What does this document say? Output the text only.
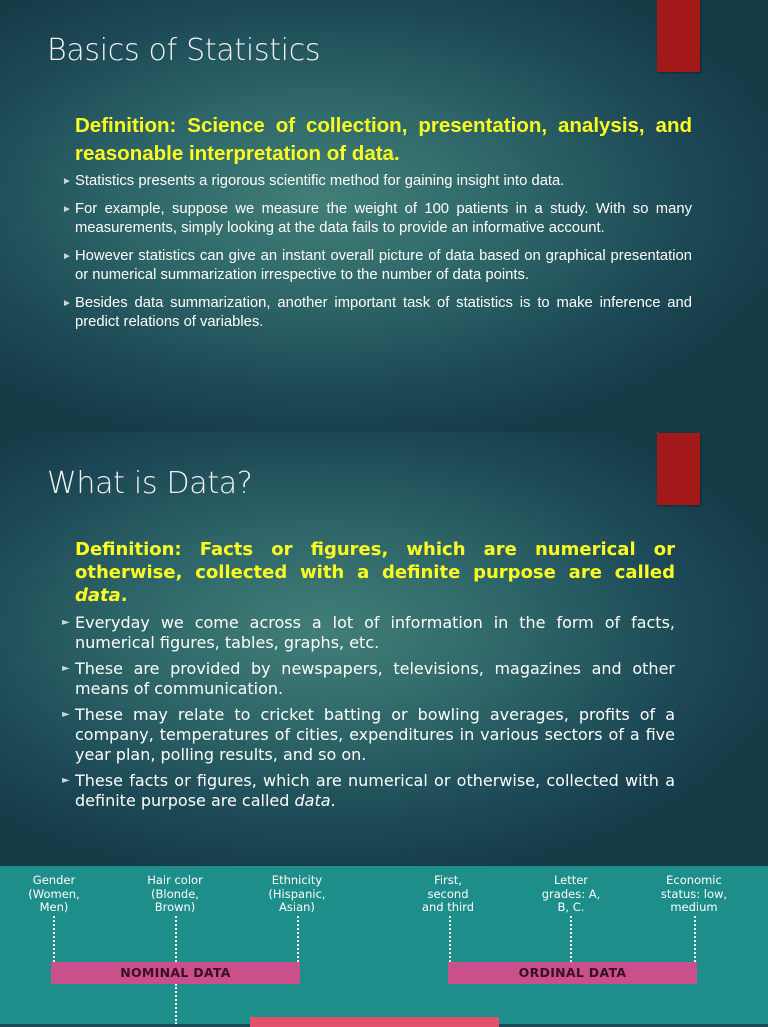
Basics of Statistics

Definition: Science of collection, presentation, analysis, and reasonable interpretation of data.

► Statistics presents a rigorous scientific method for gaining insight into data.
► For example, suppose we measure the weight of 100 patients in a study. With so many measurements, simply looking at the data fails to provide an informative account.
► However statistics can give an instant overall picture of data based on graphical presentation or numerical summarization irrespective to the number of data points.
► Besides data summarization, another important task of statistics is to make inference and predict relations of variables.
What is Data?

Definition: Facts or figures, which are numerical or otherwise, collected with a definite purpose are called data.

► Everyday we come across a lot of information in the form of facts, numerical figures, tables, graphs, etc.
► These are provided by newspapers, televisions, magazines and other means of communication.
► These may relate to cricket batting or bowling averages, profits of a company, temperatures of cities, expenditures in various sectors of a five year plan, polling results, and so on.
► These facts or figures, which are numerical or otherwise, collected with a definite purpose are called data.
Gender
(Women,
Men)
Hair color
(Blonde,
Brown)
Ethnicity
(Hispanic,
Asian)
First,
second
and third
Letter
grades: A,
B, C.
Economic
status: low,
medium
NOMINAL DATA	ORDINAL DATA
